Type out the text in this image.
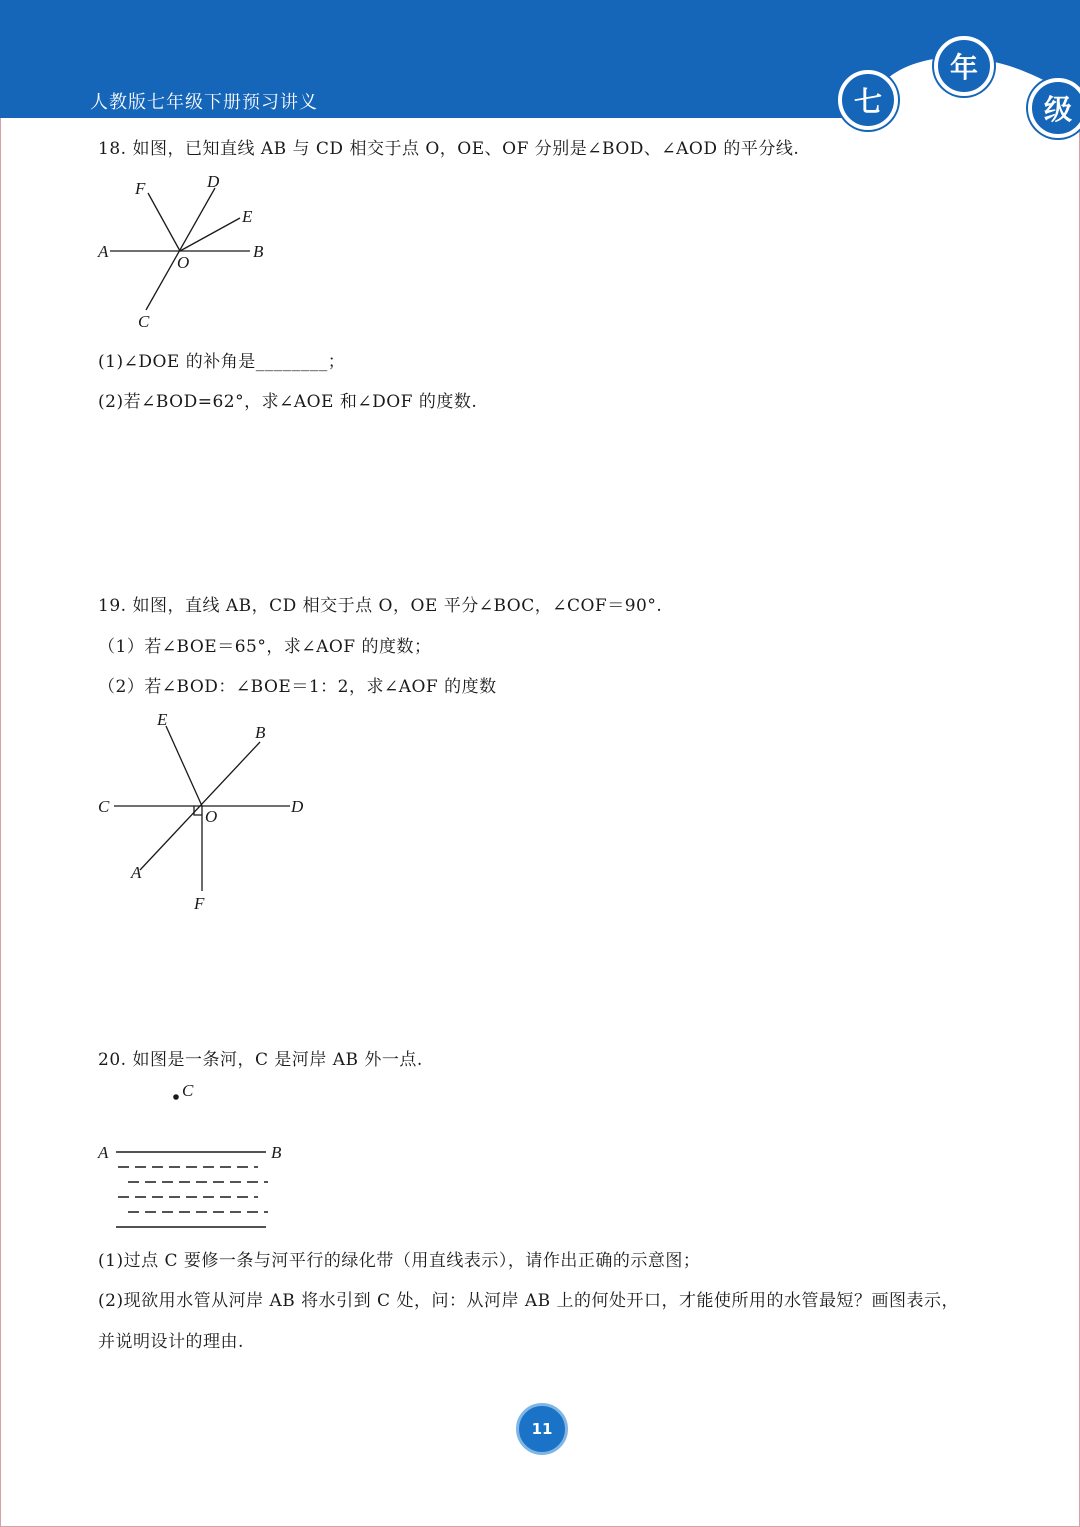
人教版七年级下册预习讲义	七
年
级
18. 如图，已知直线 AB 与 CD 相交于点 O，OE、OF 分别是∠BOD、∠AOD 的平分线.
A	B
C
D
E
F
O
(1)∠DOE 的补角是________；
(2)若∠BOD=62°，求∠AOE 和∠DOF 的度数.
19. 如图，直线 AB，CD 相交于点 O，OE 平分∠BOC，∠COF＝90°.
（1）若∠BOE＝65°，求∠AOF 的度数；
（2）若∠BOD：∠BOE＝1：2，求∠AOF 的度数
C	D
E
B
A
F
O
20. 如图是一条河，C 是河岸 AB 外一点.
C
A	B
(1)过点 C 要修一条与河平行的绿化带（用直线表示），请作出正确的示意图；
(2)现欲用水管从河岸 AB 将水引到 C 处，问：从河岸 AB 上的何处开口，才能使所用的水管最短？画图表示，
并说明设计的理由.
11
